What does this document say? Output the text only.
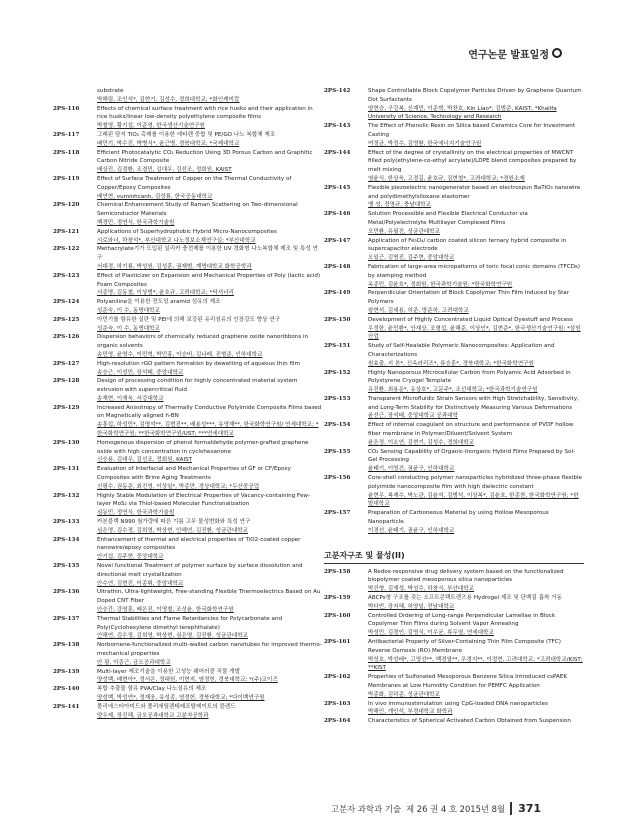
연구논문 발표일정
substrate
박해림, 조인석*, 김현기, 김성수, 경희대학교; *화인케미칼
2PS-116	Effects of chemical surface treatment with rice husks and their application in rice husks/linear low-density polyethylene composite films
박철영, 황기섭, 이준영, 한국생산기술연구원
2PS-117	그래핀 담지 TiO₂ 촉매를 이용한 에티렌 중합 및 PE/GO 나노 복합체 제조
배민기, 박수진, 박병식*, 윤근병, 경북대학교; *국제대학교
2PS-118	Efficient Photocatalytic CO₂ Reduction Using 3D Porous Carbon and Graphitic Carbon Nitride Composite
배상진, 김경환, 조경민, 김대우, 김선조, 정회원, KAIST
2PS-119	Effect of Surface Treatment of Copper on the Thermal Conductivity of Copper/Epoxy Composites
배연현, vuminhcanh, 김성룡, 한국공동대학교
2PS-120	Chemical Enhancement Study of Raman Scattering on Two-dimensional Semiconductor Materials
백경민, 정연식, 한국과학기술원
2PS-121	Applications of Superhydrophobic Hybrid Micro-Nanocomposites
시로와너, 하창석*, 부산대학교 나노정보소재연구실; *부산대학교
2PS-122	Methacrylate기가 도입된 실리카 충전제를 이용한 UV 경화형 나노복합체 제조 및 특성 연구
서대경, 하기룡, 박성원, 김성훈, 권재범, 계명대학교 화학공학과
2PS-123	Effect of Plasticizer on Expansion and Mechanical Properties of Poly (lactic acid) Foam Composites
서종명, 김동철, 이상범*, 윤호규, 고려대학교; *딕셔너리
2PS-124	Polyaniline을 이용한 전도성 aramid 섬유의 제조
성준숙, 이 수, 동명대학교
2PS-125	아민기를 함유한 실란 및 PEI에 의해 보강된 유리섬유의 인장강도 향상 연구
성준숙, 이 수, 동명대학교
2PS-126	Dispersion behaviors of chemically reduced graphene oxide nanoribbons in organic solvents
송민영, 윤영수, 이민혁, 박민홍, 이승비, 김나래, 진형준, 인하대학교
2PS-127	High-resolution rGO pattern formation by dewetting of aqueous thin film
송승근, 이성민, 장석태, 중앙대학교
2PS-128	Design of processing condition for highly concentrated material system extrusion with supercritical fluid
송재현, 이재욱, 서강대학교
2PS-129	Increased Anisotropy of Thermally Conductive Polyimide Composite Films based on Magnetically aligned h-BN
송흥섭, 하성민*, 김명석**, 김현진**, 배용성***, 유영재**, 한국화학연구원/ 연세대학교; *한국화학연구원; **한국화학연구원/UST; ***연세대학교
2PS-130	Homogenous dispersion of phenol formaldehyde polymer-grafted graphene oxide with high concentration in cyclohexanone
신승용, 김대우, 김선조, 정회원, KAIST
2PS-131	Evaluation of Interfacial and Mechanical Properties of GF or CF/Epoxy Composites with Brine Aging Treatments
신평수, 권동준, 최진영, 이상일*, 박종만, 경상대학교; *두산중공업
2PS-132	Highly Stable Modulation of Electrical Properties of Vacancy-containing Few-layer MoS₂ via Thiol-based Molecular Functionalization
심동민, 정연식, 한국과학기술원
2PS-133	카본블랙 N990 첨가량에 따른 기름 고무 물성변화와 특성 연구
심은영, 김수정, 김희영, 박상현, 안해연, 김진환, 성균관대학교
2PS-134	Enhancement of thermal and electrical properties of TiO2-coated copper nanowire/epoxy composites
안기섭, 김주현, 중앙대학교
2PS-135	Novel functional Treatment of polymer surface by surface dissolution and directional melt crystallization
안수연, 김현진, 이종휘, 중앙대학교
2PS-136	Ultrathin, Ultra-lightweight, Free-standing Flexible Thermoelectrics Based on Au Doped CNT Fiber
안승간, 강영훈, 배은진, 이영철, 조성윤, 한국화학연구원
2PS-137	Thermal Stabilities and Flame Retardancies for Polycarbonate and Poly(Cyclohexylene dimethyl terephthalate)
안해연, 김수정, 김희영, 박상현, 심은영, 김진환, 성균관대학교
2PS-138	Norbornene-functionalized multi-walled carbon nanotubes for improved thermo-mechanical properties
안 광, 이종근, 금오공과대학교
2PS-139	Multi-layer 제조기술을 이용한 고성능 웨어러블 직물 개발
양성백, 배현아*, 정서은, 정대원, 이현지, 염정헌, 경북대학교; *(주)코이즈
2PS-140	복합 추출물 함유 PVA/Clay 나노섬유의 제조
양성백, 박성연*, 정재웅, 유성종, 염정헌, 경북대학교; *다이벡연구원
2PS-141	폴리에스터아미드와 폴리에틸렌테레프탈레이트의 블렌드
양우제, 장진해, 금오공과대학교 고분자공학과
2PS-142	Shape Controllable Block Copolymer Particles Driven by Graphene Quantum Dot Surfactants
양현승, 구강복, 신재민, 이준혁, 박찬호, Kin Liao*, 김범준, KAIST; *Khalifa University of Science, Technology and Research
2PS-143	The Effect of Phenolic Resin on Silica based Ceramics Core for Investment Casting
여정균, 박정수, 김영환, 한국에너지기술연구원
2PS-144	Effect of the degree of crystallinity on the electrical properties of MWCNT filled poly(ethylene-co-ethyl acrylate)/LDPE blend composites prepared by melt mixing
염윤식, 한상욱, 고정길, 윤호규, 김현철*, 고려대학교; *경원소재
2PS-145	Flexible piezoelectric nanogenerator based on electrospun BaTiO₃ nanowire and polydimethylsiloxane elastomer
엠 성, 정영규, 충남대학교
2PS-146	Solution Processible and Flexible Electrical Conductor via Metal/Polyelectrolyte Multilayer Complexed Films
오민환, 유필진, 성균관대학교
2PS-147	Application of Fe₃O₄/ carbon coated silicon ternary hybrid composite in supercapacitor electrode
오일근, 김명진, 김주현, 중앙대학교
2PS-148	Fabrication of large-area micropatterns of toric focal conic domains (TFCDs) by stamping method
옥종민, 김윤호*, 정회원, 한국과학기술원; *한국화학연구원
2PS-149	Perpendicular Orientation of Block Copolymer Thin Film Induced by Star Polymers
왕현석, 김세용, 허준, 방준하, 고려대학교
2PS-150	Development of Highly Concentrated Liquid Optical Dyestuff and Process
우정한, 윤민환*, 안재상, 조형섭, 윤해준, 이상인*, 김현준*, 한국생산기술연구원; *삼원산업
2PS-151	Study of Self-Healable Polymeric Nanocomposites: Application and Characterizations
원효출, 지 본*, 신옥라리즈*, 류승훈*, 경북대학교; *한국화학연구원
2PS-152	Highly Nanoporous Microcellular Carbon from Polyamic Acid Adsorbed in Polystyrene Cryogel Template
유진환, 최용운*, 유상호*, 고문주*, 조선대학교; *한국과학기술연구원
2PS-153	Transparent Microfluidic Strain Sensors with High Stretchability, Sensitivity, and Long-Term Stability for Distinctively Measuring Various Deformations
윤선근, 장석태, 중앙대학교 공과대학
2PS-154	Effect of internal coagulant on structure and performance of PVDF hollow fiber membrane in Polymer/Diluent/Solvent System
윤은정, 이소연, 김현기, 김성수, 경희대학교
2PS-155	CO₂ Sensing Capability of Organic-Inorganic Hybrid Films Prepared by Sol-Gel Processing
윤태기, 이영건, 권윤구, 인하대학교
2PS-156	Core-shell conducting polymer nanoparticles hybridized three-phase flexible polyimide nanocomposite film with high dielectric constant
윤현우, 복재수, 박노관, 김윤석, 김범석, 이상복*, 김윤호, 한종찬, 한국화학연구원; *한밭대학교
2PS-157	Preparation of Carboneous Material by using Hollow Mesoporous Nanoparticle
이경선, 윤태기, 권윤구, 인하대학교
고분자구조 및 물성(II)
2PS-158	A Redox-responsive drug delivery system based on the functionalized biopolymer coated mesoporous silica nanoparticles
박건형, 김재성, 박성수, 하창식, 부산대학교
2PS-159	ABCPs형 구조를 갖는 소프트콘택트렌즈용 Hydrogel 제조 및 단백질 흡착 거동
박다빈, 장지혜, 허양일, 전남대학교
2PS-160	Controlled Ordering of Long-range Perpendicular Lamellae in Block Copolymer Thin Films during Solvent Vapor Annealing
박성민, 김경인, 김영식, 이우균, 류두열, 연세대학교
2PS-161	Antibacterial Property of Silver-Containing Thin Film Composite (TFC) Reverse Osmosis (RO) Membrane
박성호, 박성배*, 고영선**, 백경열**, 우경지**, 이정현, 고려대학교; *고려대학교/KIST; **KIST
2PS-162	Properties of Sulfonated Mesoporous Benzene Silica Introduced csPAEK Membranes at Low Humidity Condition for PEMFC Application
박종화, 김덕준, 성균관대학교
2PS-163	In vivo immunostimulation using CpG-loaded DNA nanoparticles
박해인, 개인석, 부경대학교 화학과
2PS-164	Characteristics of Spherical Activated Carbon Obtained from Suspension
고분자 과학과 기술 제 26 권 4 호 2015년 8월	371
